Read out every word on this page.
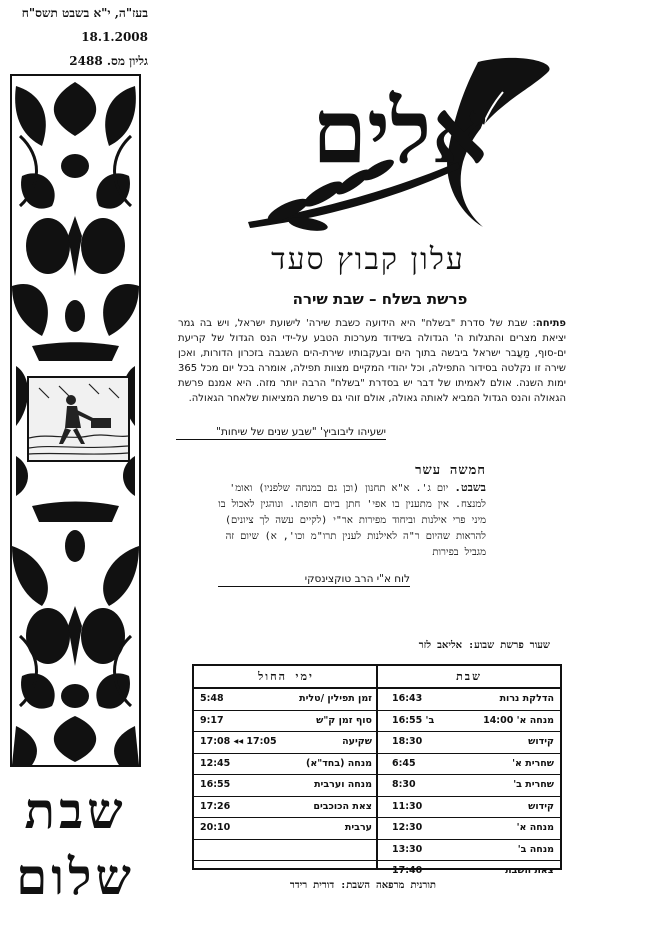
בעז"ה, י"א בשבט תשס"ח
18.1.2008
גליון מס. 2488
שבת
שלום
אלים
עלון קבוץ סעד
פרשת בשלח – שבת שירה
פתיחה: שבת של סדרת "בשלח" היא הידועה כשבת שירה' לישועת ישראל, ויש בה גמר יציאת מצרים והתגלות ה' הגדולה בשידוד מערכות הטבע על-ידי הנס הגדול של קריעת ים-סוף, מַעֲבר ישראל ביבשה בתוך הים ובעקבותיו שירת-הים השגבה בזכרון הדורות, ואכן שירה זו נקלטה בסידור התפילה, וכל יהודי המקיים מצוות תפילה, אומרה בכל יום מכל 365 ימות השנה. אולם לאמיתו של דבר יש בסדרת "בשלח" הרבה יותר מזה. היא אמנם פרשת הגאולה והנס הגדול המביא לאותה גאולה, אולם זוהי גם פרשת המציאות שלאחר הגאולה.
ישעיהו ליבוביץ' "שבע שנים של שיחות"
חמשה עשר
בשבט. יום ג'. א"א תחנון (וכן גם במנחה שלפניו) ואומ' למנצח. אין מתענין בו אפי' חתן ביום חופתו. ונוהגין לאכול בו מיני פרי אילנות וביחוד מפירות אר"י (לקיים עשה לך ציונים) להראות שהיום ר"ה לאילנות לענין תרו"מ וכו', א) שיום זה מגביל בפירות
לוח א"י הרב טוקצינסקי
שעור פרשת שבוע: אליאב לזר
שבת
הדלקת נרות
16:43
מנחה א' 14:00
ב' 16:55
קידוש
18:30
שחרית א'
6:45
שחרית ב'
8:30
קידוש
11:30
מנחה א'
12:30
מנחה ב'
13:30
צאת השבת
17:40
ימי החול
זמן תפילין /טלית
5:48
סוף זמן ק"ש
9:17
שקיעה
17:08 ◂◂ 17:05
מנחה (בחד"א)
12:45
מנחה וערבית
16:55
צאת הכוכבים
17:26
ערבית
20:10
תורנית מרפאה השבת: דורית רידר
